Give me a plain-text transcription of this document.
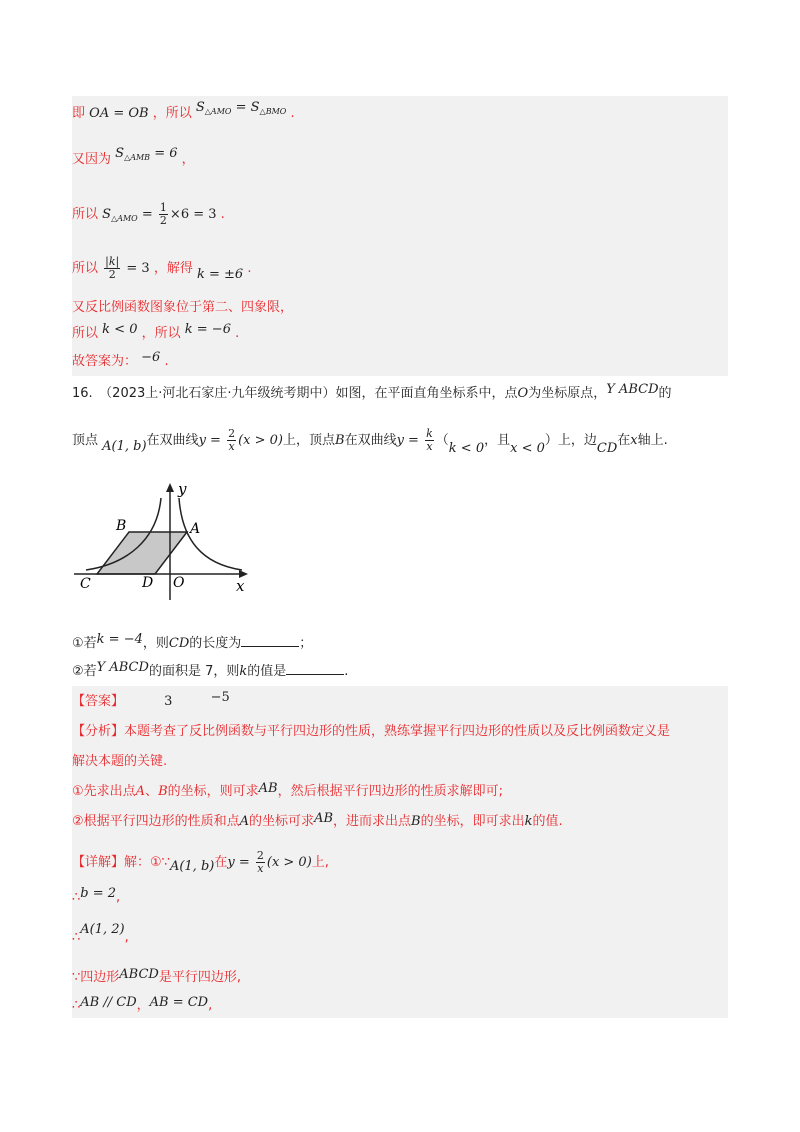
即 OA = OB ，所以 $S_{\triangle AMO} = S_{\triangle BMO}$ .
又因为 $S_{\triangle AMB} = 6$ ，
所以 $S_{\triangle AMO} = \frac{1}{2} \times 6 = 3$ .
所以 $\frac{|k|}{2} = 3$ ，解得 k = ±6 .
又反比例函数图象位于第二、四象限，
所以 k < 0 ，所以 k = −6 .
故答案为： −6 .
16.　（2023上·河北石家庄·九年级统考期中）如图，在平面直角坐标系中，点O为坐标原点，Y ABCD的
顶点 A(1, b)在双曲线$y = \frac{2}{x} (x > 0)$上，顶点B在双曲线$y = \frac{k}{x} (k < 0$，且x < 0）上，边CD在x轴上.
y
x
A
B
C	D O
①若k = −4，则CD的长度为	；
②若Y ABCD的面积是 7，则k的值是	.
【答案】	3	−5
【分析】本题考查了反比例函数与平行四边形的性质，熟练掌握平行四边形的性质以及反比例函数定义是
解决本题的关键.
①先求出点A、B的坐标，则可求AB，然后根据平行四边形的性质求解即可;
②根据平行四边形的性质和点A的坐标可求AB，进而求出点B的坐标，即可求出k的值.
【详解】解：①∵A(1, b)在$y = \frac{2}{x} (x > 0)$上,
∴b = 2,
∴A(1, 2),
∵四边形ABCD是平行四边形,
∴AB // CD，AB = CD,
